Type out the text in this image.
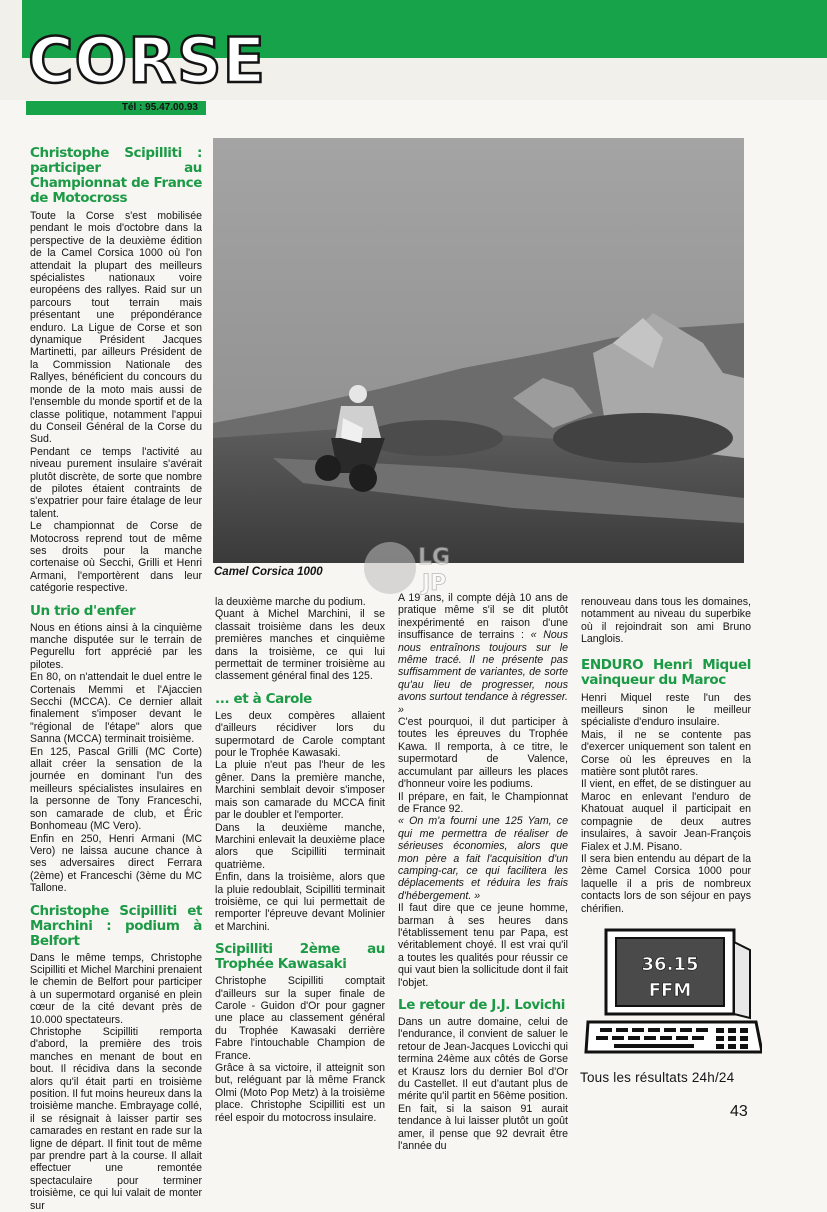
CORSE
Tél : 95.47.00.93

Christophe Scipilliti : participer au Championnat de France de Motocross

Toute la Corse s'est mobilisée pendant le mois d'octobre dans la perspective de la deuxième édition de la Camel Corsica 1000 où l'on attendait la plupart des meilleurs spécialistes nationaux voire européens des rallyes. Raid sur un parcours tout terrain mais présentant une prépondérance enduro. La Ligue de Corse et son dynamique Président Jacques Martinetti, par ailleurs Président de la Commission Nationale des Rallyes, bénéficient du concours du monde de la moto mais aussi de l'ensemble du monde sportif et de la classe politique, notamment l'appui du Conseil Général de la Corse du Sud.

Pendant ce temps l'activité au niveau purement insulaire s'avérait plutôt discrète, de sorte que nombre de pilotes étaient contraints de s'expatrier pour faire étalage de leur talent.

Le championnat de Corse de Motocross reprend tout de même ses droits pour la manche cortenaise où Secchi, Grilli et Henri Armani, l'emportèrent dans leur catégorie respective.

Un trio d'enfer

Nous en étions ainsi à la cinquième manche disputée sur le terrain de Pegurellu fort apprécié par les pilotes.

En 80, on n'attendait le duel entre le Cortenais Memmi et l'Ajaccien Secchi (MCCA). Ce dernier allait finalement s'imposer devant le "régional de l'étape" alors que Sanna (MCCA) terminait troisième.

En 125, Pascal Grilli (MC Corte) allait créer la sensation de la journée en dominant l'un des meilleurs spécialistes insulaires en la personne de Tony Franceschi, son camarade de club, et Éric Bonhomeau (MC Vero).

Enfin en 250, Henri Armani (MC Vero) ne laissa aucune chance à ses adversaires direct Ferrara (2ème) et Franceschi (3ème du MC Tallone.

Christophe Scipilliti et Marchini : podium à Belfort

Dans le même temps, Christophe Scipilliti et Michel Marchini prenaient le chemin de Belfort pour participer à un supermotard organisé en plein cœur de la cité devant près de 10.000 spectateurs.

Christophe Scipilliti remporta d'abord, la première des trois manches en menant de bout en bout. Il récidiva dans la seconde alors qu'il était parti en troisième position. Il fut moins heureux dans la troisième manche. Embrayage collé, il se résignait à laisser partir ses camarades en restant en rade sur la ligne de départ. Il finit tout de même par prendre part à la course. Il allait effectuer une remontée spectaculaire pour terminer troisième, ce qui lui valait de monter sur

Camel Corsica 1000
LG
JP

la deuxième marche du podium.

Quant à Michel Marchini, il se classait troisième dans les deux premières manches et cinquième dans la troisième, ce qui lui permettait de terminer troisième au classement général final des 125.

... et à Carole

Les deux compères allaient d'ailleurs récidiver lors du supermotard de Carole comptant pour le Trophée Kawasaki.

La pluie n'eut pas l'heur de les gêner. Dans la première manche, Marchini semblait devoir s'imposer mais son camarade du MCCA finit par le doubler et l'emporter.

Dans la deuxième manche, Marchini enlevait la deuxième place alors que Scipilliti terminait quatrième.

Enfin, dans la troisième, alors que la pluie redoublait, Scipilliti terminait troisième, ce qui lui permettait de remporter l'épreuve devant Molinier et Marchini.

Scipilliti 2ème au Trophée Kawasaki

Christophe Scipilliti comptait d'ailleurs sur la super finale de Carole - Guidon d'Or pour gagner une place au classement général du Trophée Kawasaki derrière Fabre l'intouchable Champion de France.

Grâce à sa victoire, il atteignit son but, reléguant par là même Franck Olmi (Moto Pop Metz) à la troisième place. Christophe Scipilliti est un réel espoir du motocross insulaire.

A 19 ans, il compte déjà 10 ans de pratique même s'il se dit plutôt inexpérimenté en raison d'une insuffisance de terrains : « Nous nous entraînons toujours sur le même tracé. Il ne présente pas suffisamment de variantes, de sorte qu'au lieu de progresser, nous avons surtout tendance à régresser. »

C'est pourquoi, il dut participer à toutes les épreuves du Trophée Kawa. Il remporta, à ce titre, le supermotard de Valence, accumulant par ailleurs les places d'honneur voire les podiums.

Il prépare, en fait, le Championnat de France 92.

« On m'a fourni une 125 Yam, ce qui me permettra de réaliser de sérieuses économies, alors que mon père a fait l'acquisition d'un camping-car, ce qui facilitera les déplacements et réduira les frais d'hébergement. »

Il faut dire que ce jeune homme, barman à ses heures dans l'établissement tenu par Papa, est véritablement choyé. Il est vrai qu'il a toutes les qualités pour réussir ce qui vaut bien la sollicitude dont il fait l'objet.

Le retour de J.J. Lovichi

Dans un autre domaine, celui de l'endurance, il convient de saluer le retour de Jean-Jacques Lovicchi qui termina 24ème aux côtés de Gorse et Krausz lors du dernier Bol d'Or du Castellet. Il eut d'autant plus de mérite qu'il partit en 56ème position. En fait, si la saison 91 aurait tendance à lui laisser plutôt un goût amer, il pense que 92 devrait être l'année du

renouveau dans tous les domaines, notamment au niveau du superbike où il rejoindrait son ami Bruno Langlois.

ENDURO Henri Miquel vainqueur du Maroc

Henri Miquel reste l'un des meilleurs sinon le meilleur spécialiste d'enduro insulaire.

Mais, il ne se contente pas d'exercer uniquement son talent en Corse où les épreuves en la matière sont plutôt rares.

Il vient, en effet, de se distinguer au Maroc en enlevant l'enduro de Khatouat auquel il participait en compagnie de deux autres insulaires, à savoir Jean-François Fialex et J.M. Pisano.

Il sera bien entendu au départ de la 2ème Camel Corsica 1000 pour laquelle il a pris de nombreux contacts lors de son séjour en pays chérifien.

36.15
FFM
Tous les résultats 24h/24
43
